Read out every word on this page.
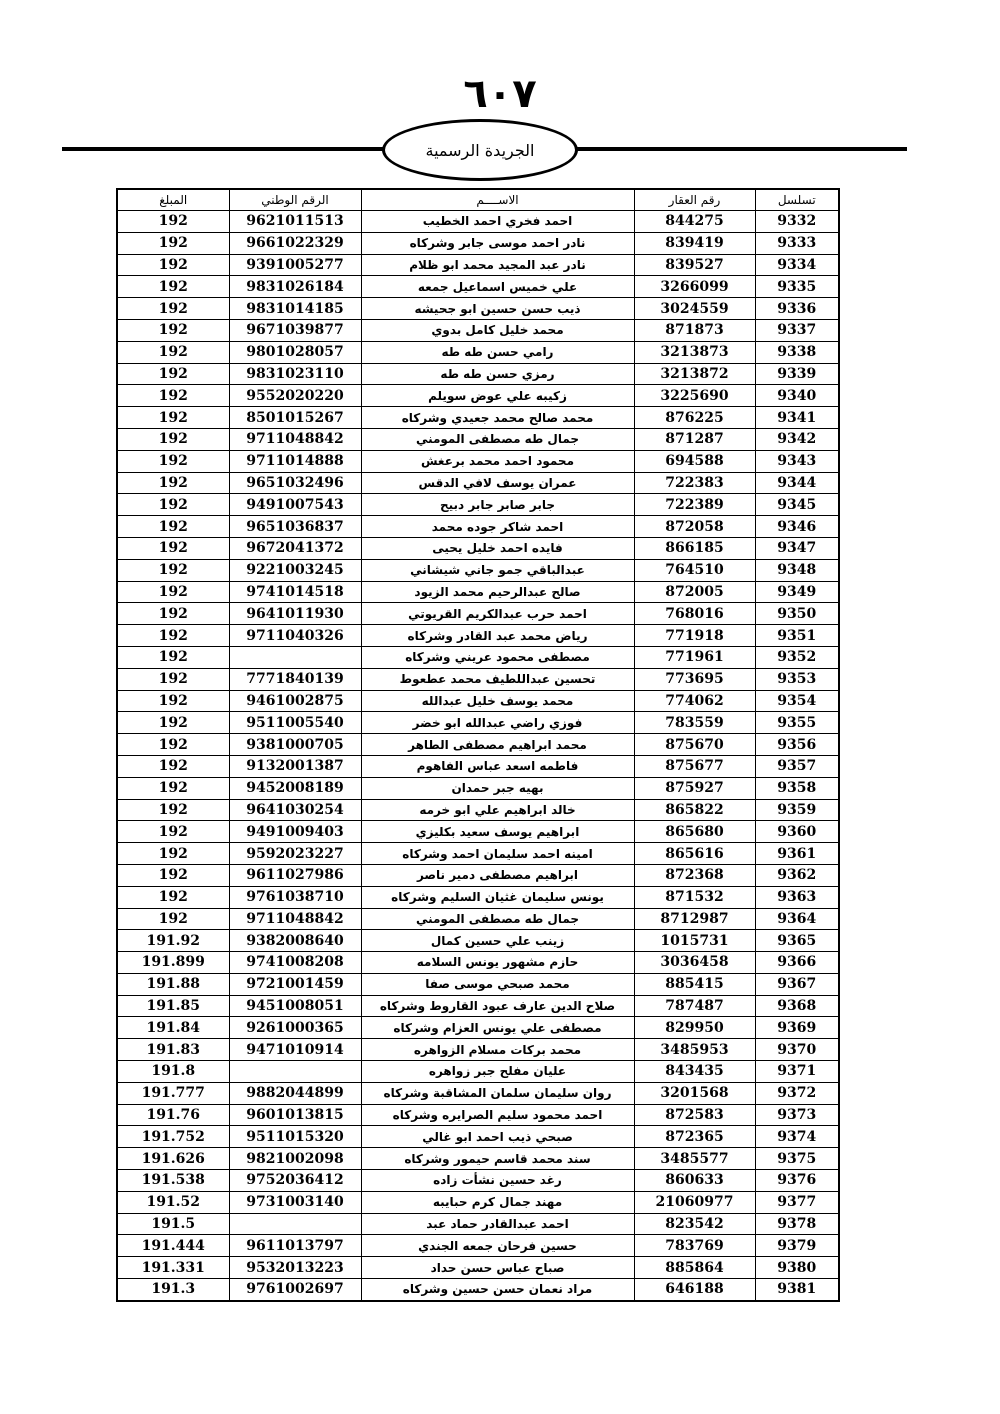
٦٠٧
الجريدة الرسمية
المبلغ	الرقم الوطني	الاســــم	رقم العقار	تسلسل
192	9621011513	احمد فخري احمد الخطيب	844275	9332
192	9661022329	نادر احمد موسى جابر وشركاه	839419	9333
192	9391005277	نادر عبد المجيد محمد ابو ظلام	839527	9334
192	9831026184	علي خميس اسماعيل جمعه	3266099	9335
192	9831014185	ذيب حسن حسين ابو جحيشه	3024559	9336
192	9671039877	محمد خليل كامل بدوي	871873	9337
192	9801028057	رامي حسن طه طه	3213873	9338
192	9831023110	رمزي حسن طه طه	3213872	9339
192	9552020220	زكيبه علي عوض سويلم	3225690	9340
192	8501015267	محمد صالح محمد جعيدي وشركاه	876225	9341
192	9711048842	جمال طه مصطفى المومني	871287	9342
192	9711014888	محمود احمد محمد برعغش	694588	9343
192	9651032496	عمران يوسف لافي الدقس	722383	9344
192	9491007543	جابر صابر جابر دبيح	722389	9345
192	9651036837	احمد شاكر جوده محمد	872058	9346
192	9672041372	فايده احمد خليل يحيى	866185	9347
192	9221003245	عبدالباقي جمو جاني شيشاني	764510	9348
192	9741014518	صالح عبدالرحيم محمد الزيود	872005	9349
192	9641011930	احمد حرب عبدالكريم القريوتي	768016	9350
192	9711040326	رياض محمد عبد القادر وشركاه	771918	9351
192		مصطفى محمود عريني وشركاه	771961	9352
192	7771840139	تحسين عبداللطيف محمد عطعوط	773695	9353
192	9461002875	محمد يوسف خليل عبدالله	774062	9354
192	9511005540	فوزي راضي عبدالله ابو خضر	783559	9355
192	9381000705	محمد ابراهيم مصطفى الطاهر	875670	9356
192	9132001387	فاطمه اسعد عباس الفاهوم	875677	9357
192	9452008189	بهيه جبر حمدان	875927	9358
192	9641030254	خالد ابراهيم علي ابو خرمه	865822	9359
192	9491009403	ابراهيم يوسف سعيد بكليزي	865680	9360
192	9592023227	امينه احمد سليمان احمد وشركاه	865616	9361
192	9611027986	ابراهيم مصطفى دمير ناصر	872368	9362
192	9761038710	يونس سليمان غثيان السليم وشركاه	871532	9363
192	9711048842	جمال طه مصطفى المومني	8712987	9364
191.92	9382008640	زينب علي حسين كمال	1015731	9365
191.899	9741008208	حازم مشهور يونس السلامه	3036458	9366
191.88	9721001459	محمد صبحي موسى صفا	885415	9367
191.85	9451008051	صلاح الدين عارف عبود القاروط وشركاه	787487	9368
191.84	9261000365	مصطفى علي يونس العزام وشركاه	829950	9369
191.83	9471010914	محمد بركات مسلام الزواهره	3485953	9370
191.8		عليان مفلح جبر زواهره	843435	9371
191.777	9882044899	روان سليمان سلمان المشاقبة وشركاه	3201568	9372
191.76	9601013815	احمد محمود سليم الصرايره وشركاه	872583	9373
191.752	9511015320	صبحي ذيب احمد ابو غالي	872365	9374
191.626	9821002098	سند محمد قاسم حيمور وشركاه	3485577	9375
191.538	9752036412	رغد حسين نشأت زاده	860633	9376
191.52	9731003140	مهند جمال كرم حبايبه	21060977	9377
191.5		احمد عبدالقادر حماد عبد	823542	9378
191.444	9611013797	حسين فرحان جمعه الجندي	783769	9379
191.331	9532013223	صباح عباس حسن حداد	885864	9380
191.3	9761002697	مراد نعمان حسن حسين وشركاه	646188	9381
